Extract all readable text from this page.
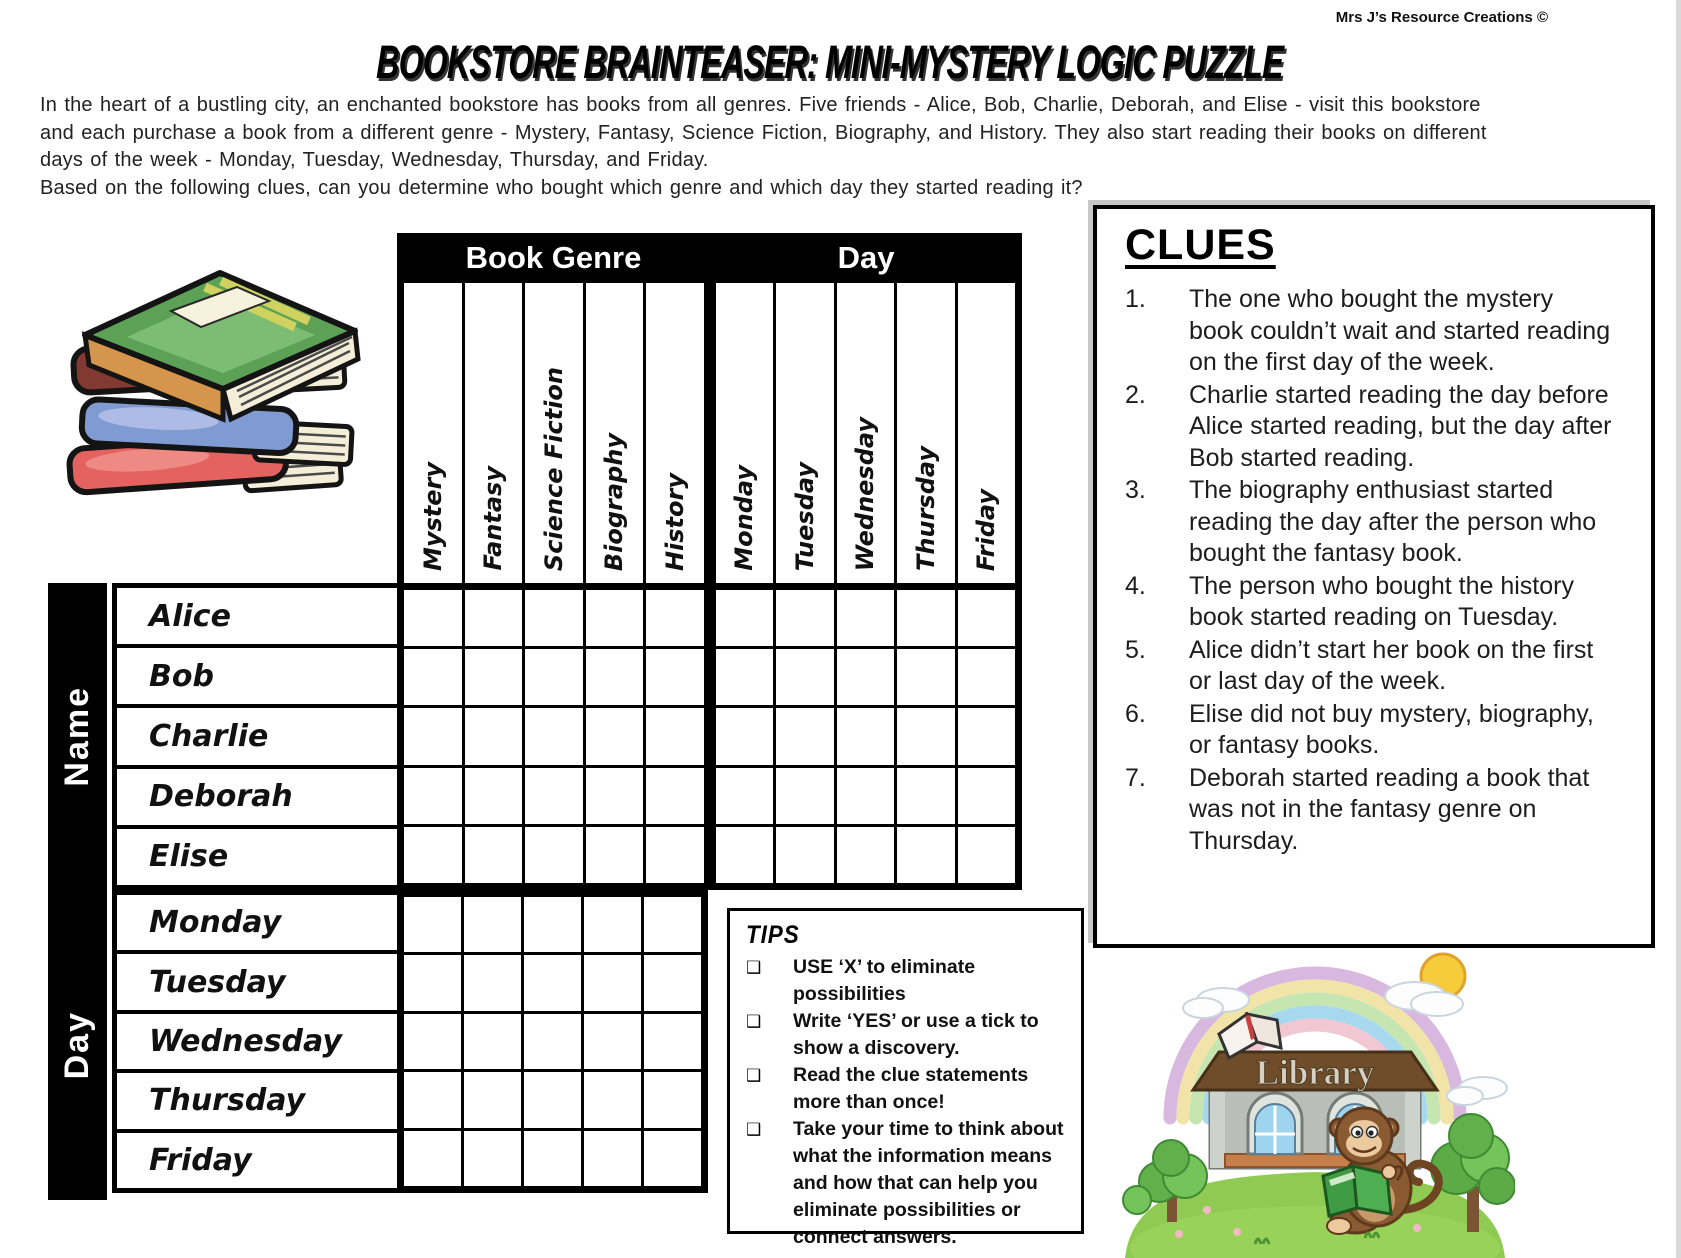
Mrs J’s Resource Creations ©
BOOKSTORE BRAINTEASER: MINI-MYSTERY LOGIC PUZZLE
In the heart of a bustling city, an enchanted bookstore has books from all genres. Five friends - Alice, Bob, Charlie, Deborah, and Elise - visit this bookstore
and each purchase a book from a different genre - Mystery, Fantasy, Science Fiction, Biography, and History. They also start reading their books on different
days of the week - Monday, Tuesday, Wednesday, Thursday, and Friday.
Based on the following clues, can you determine who bought which genre and which day they started reading it?
Book Genre	Day
Mystery Fantasy Science Fiction Biography History Monday Tuesday Wednesday Thursday Friday
Name
Alice
Bob
Charlie
Deborah
Elise
Day
Monday
Tuesday
Wednesday
Thursday
Friday
TIPS
❑	USE ‘X’ to eliminate possibilities
❑	Write ‘YES’ or use a tick to show a discovery.
❑	Read the clue statements more than once!
❑	Take your time to think about what the information means and how that can help you eliminate possibilities or connect answers.
CLUES
1.	The one who bought the mystery book couldn’t wait and started reading on the first day of the week.
2.	Charlie started reading the day before Alice started reading, but the day after Bob started reading.
3.	The biography enthusiast started reading the day after the person who bought the fantasy book.
4.	The person who bought the history book started reading on Tuesday.
5.	Alice didn’t start her book on the first or last day of the week.
6.	Elise did not buy mystery, biography, or fantasy books.
7.	Deborah started reading a book that was not in the fantasy genre on Thursday.
Library
